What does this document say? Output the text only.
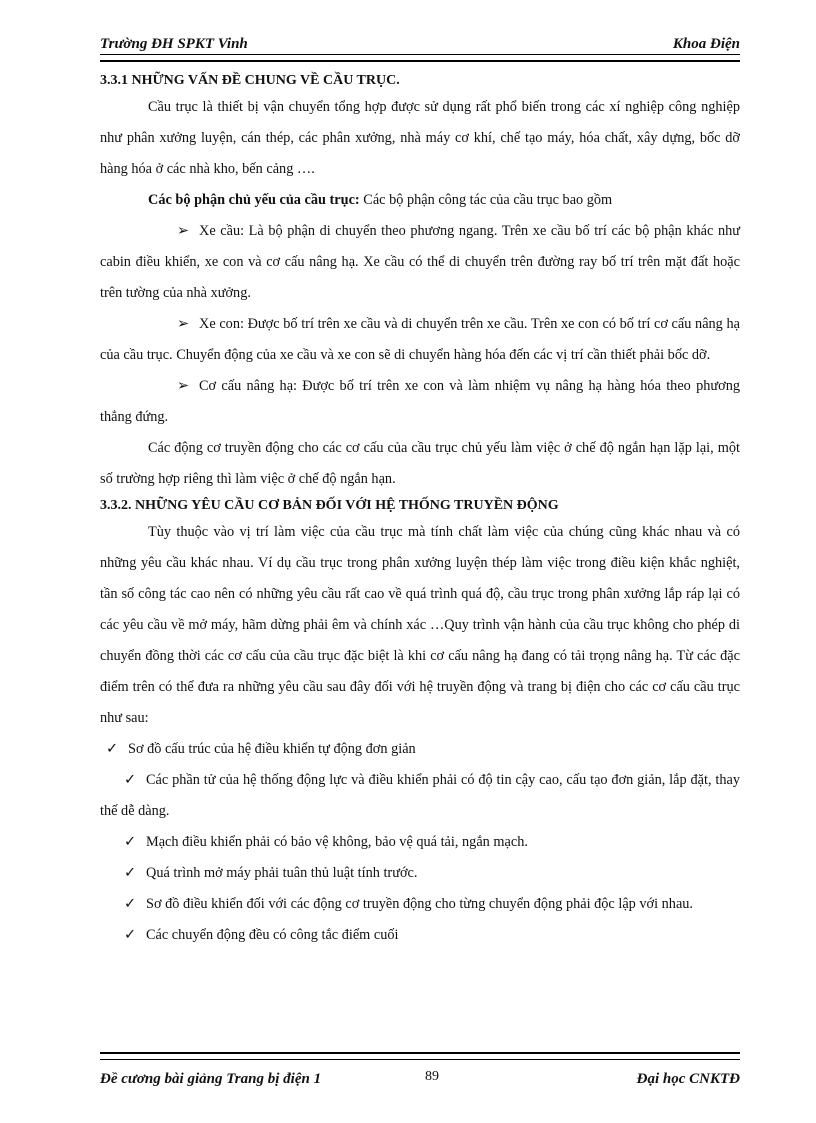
Trường ĐH SPKT Vinh	Khoa Điện

3.3.1 NHỮNG VẤN ĐỀ CHUNG VỀ CẦU TRỤC.

Cầu trục là thiết bị vận chuyển tổng hợp được sử dụng rất phổ biến trong các xí nghiệp công nghiệp như phân xưởng luyện, cán thép, các phân xưởng, nhà máy cơ khí, chế tạo máy, hóa chất, xây dựng, bốc dỡ hàng hóa ở các nhà kho, bến cảng ….

Các bộ phận chủ yếu của cầu trục: Các bộ phận công tác của cầu trục bao gồm

➢ Xe cầu: Là bộ phận di chuyển theo phương ngang. Trên xe cầu bố trí các bộ phận khác như cabin điều khiển, xe con và cơ cấu nâng hạ. Xe cầu có thể di chuyển trên đường ray bố trí trên mặt đất hoặc trên tường của nhà xưởng.

➢ Xe con: Được bố trí trên xe cầu và di chuyển trên xe cầu. Trên xe con có bố trí cơ cấu nâng hạ của cầu trục. Chuyển động của xe cầu và xe con sẽ di chuyển hàng hóa đến các vị trí cần thiết phải bốc dỡ.

➢ Cơ cấu nâng hạ: Được bố trí trên xe con và làm nhiệm vụ nâng hạ hàng hóa theo phương thẳng đứng.

Các động cơ truyền động cho các cơ cấu của cầu trục chủ yếu làm việc ở chế độ ngắn hạn lặp lại, một số trường hợp riêng thì làm việc ở chế độ ngắn hạn.

3.3.2. NHỮNG YÊU CẦU CƠ BẢN ĐỐI VỚI HỆ THỐNG TRUYỀN ĐỘNG

Tùy thuộc vào vị trí làm việc của cầu trục mà tính chất làm việc của chúng cũng khác nhau và có những yêu cầu khác nhau. Ví dụ cầu trục trong phân xưởng luyện thép làm việc trong điều kiện khắc nghiệt, tần số công tác cao nên có những yêu cầu rất cao về quá trình quá độ, cầu trục trong phân xưởng lắp ráp lại có các yêu cầu về mở máy, hãm dừng phải êm và chính xác …Quy trình vận hành của cầu trục không cho phép di chuyển đồng thời các cơ cấu của cầu trục đặc biệt là khi cơ cấu nâng hạ đang có tải trọng nâng hạ. Từ các đặc điểm trên có thể đưa ra những yêu cầu sau đây đối với hệ truyền động và trang bị điện cho các cơ cấu cầu trục như sau:

✓ Sơ đồ cấu trúc của hệ điều khiển tự động đơn giản

✓ Các phần tử của hệ thống động lực và điều khiển phải có độ tin cậy cao, cấu tạo đơn giản, lắp đặt, thay thế dễ dàng.

✓ Mạch điều khiển phải có bảo vệ không, bảo vệ quá tải, ngắn mạch.

✓ Quá trình mở máy phải tuân thủ luật tính trước.

✓ Sơ đồ điều khiển đối với các động cơ truyền động cho từng chuyển động phải độc lập với nhau.

✓ Các chuyển động đều có công tắc điểm cuối

Đề cương bài giảng Trang bị điện 1	89	Đại học CNKTĐ
